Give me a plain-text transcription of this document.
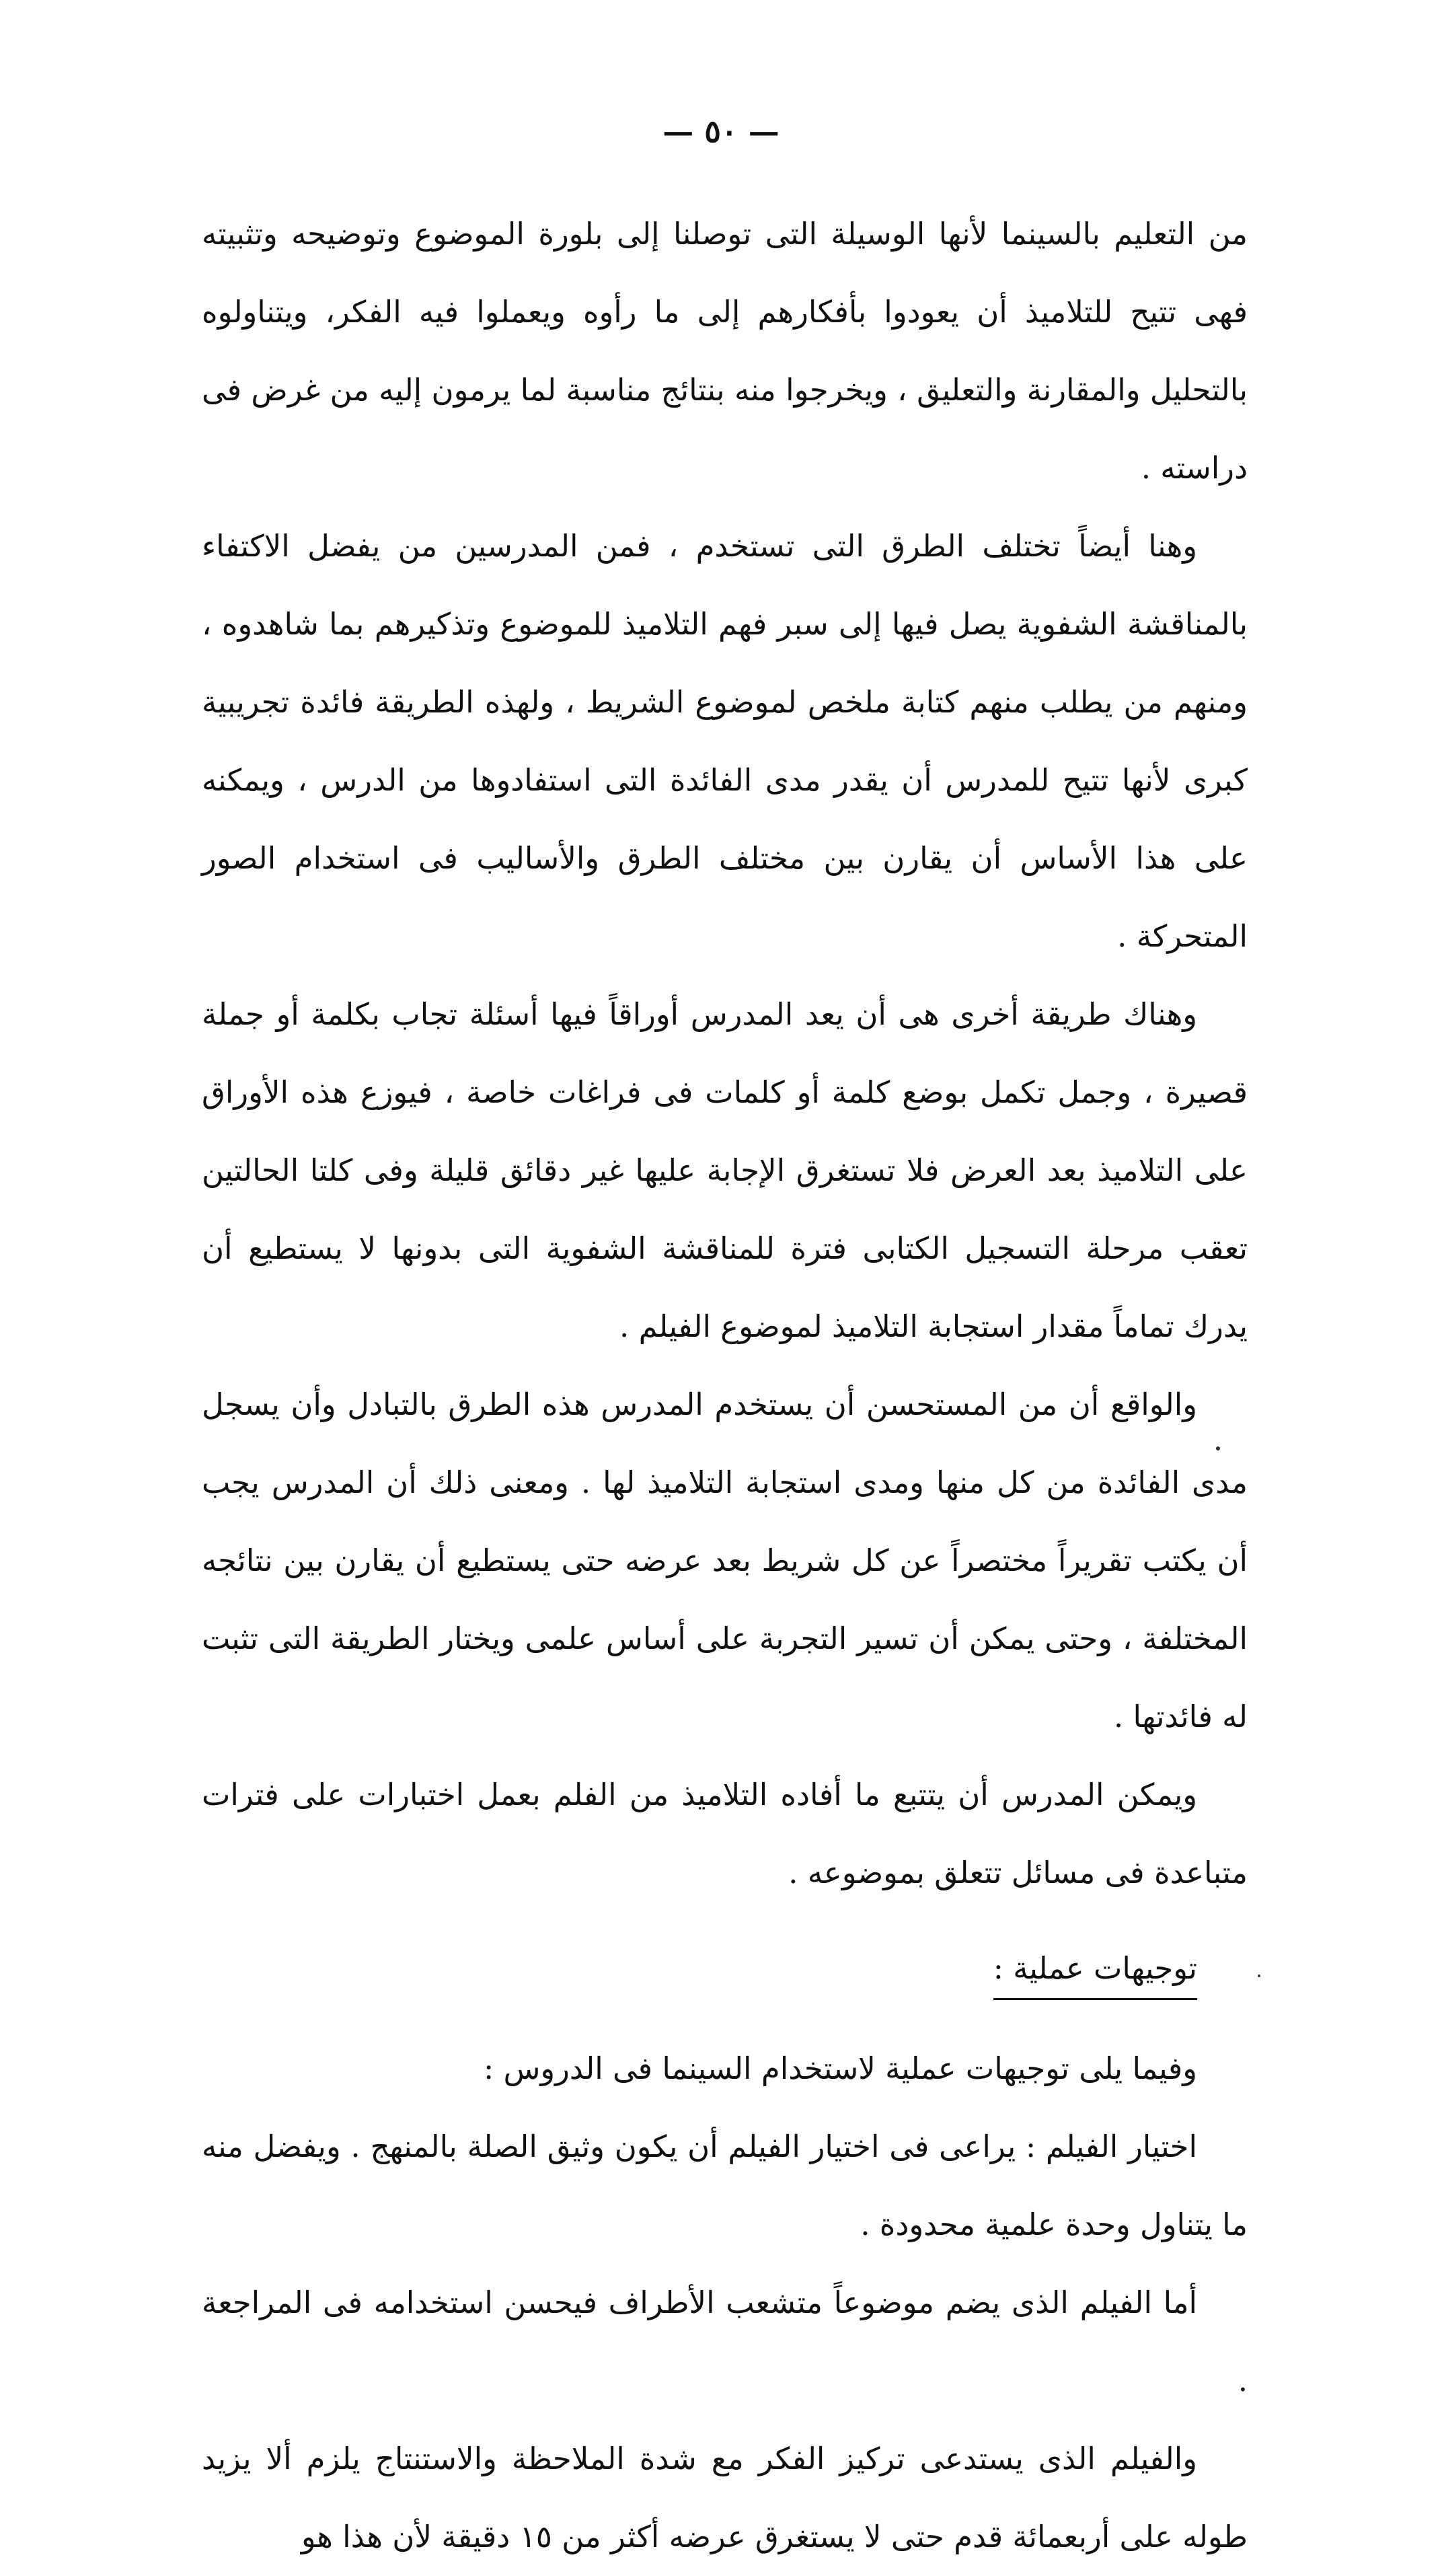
— ٥٠ —

من التعليم بالسينما لأنها الوسيلة التى توصلنا إلى بلورة الموضوع وتوضيحه وتثبيته فهى تتيح للتلاميذ أن يعودوا بأفكارهم إلى ما رأوه ويعملوا فيه الفكر، ويتناولوه بالتحليل والمقارنة والتعليق ، ويخرجوا منه بنتائج مناسبة لما يرمون إليه من غرض فى دراسته .

وهنا أيضاً تختلف الطرق التى تستخدم ، فمن المدرسين من يفضل الاكتفاء بالمناقشة الشفوية يصل فيها إلى سبر فهم التلاميذ للموضوع وتذكيرهم بما شاهدوه ، ومنهم من يطلب منهم كتابة ملخص لموضوع الشريط ، ولهذه الطريقة فائدة تجريبية كبرى لأنها تتيح للمدرس أن يقدر مدى الفائدة التى استفادوها من الدرس ، ويمكنه على هذا الأساس أن يقارن بين مختلف الطرق والأساليب فى استخدام الصور المتحركة .

وهناك طريقة أخرى هى أن يعد المدرس أوراقاً فيها أسئلة تجاب بكلمة أو جملة قصيرة ، وجمل تكمل بوضع كلمة أو كلمات فى فراغات خاصة ، فيوزع هذه الأوراق على التلاميذ بعد العرض فلا تستغرق الإجابة عليها غير دقائق قليلة وفى كلتا الحالتين تعقب مرحلة التسجيل الكتابى فترة للمناقشة الشفوية التى بدونها لا يستطيع أن يدرك تماماً مقدار استجابة التلاميذ لموضوع الفيلم .

والواقع أن من المستحسن أن يستخدم المدرس هذه الطرق بالتبادل وأن يسجل مدى الفائدة من كل منها ومدى استجابة التلاميذ لها . ومعنى ذلك أن المدرس يجب أن يكتب تقريراً مختصراً عن كل شريط بعد عرضه حتى يستطيع أن يقارن بين نتائجه المختلفة ، وحتى يمكن أن تسير التجربة على أساس علمى ويختار الطريقة التى تثبت له فائدتها .

ويمكن المدرس أن يتتبع ما أفاده التلاميذ من الفلم بعمل اختبارات على فترات متباعدة فى مسائل تتعلق بموضوعه .

توجيهات عملية :

وفيما يلى توجيهات عملية لاستخدام السينما فى الدروس :

اختيار الفيلم : يراعى فى اختيار الفيلم أن يكون وثيق الصلة بالمنهج . ويفضل منه ما يتناول وحدة علمية محدودة .

أما الفيلم الذى يضم موضوعاً متشعب الأطراف فيحسن استخدامه فى المراجعة .

والفيلم الذى يستدعى تركيز الفكر مع شدة الملاحظة والاستنتاج يلزم ألا يزيد طوله على أربعمائة قدم حتى لا يستغرق عرضه أكثر من ١٥ دقيقة لأن هذا هو
